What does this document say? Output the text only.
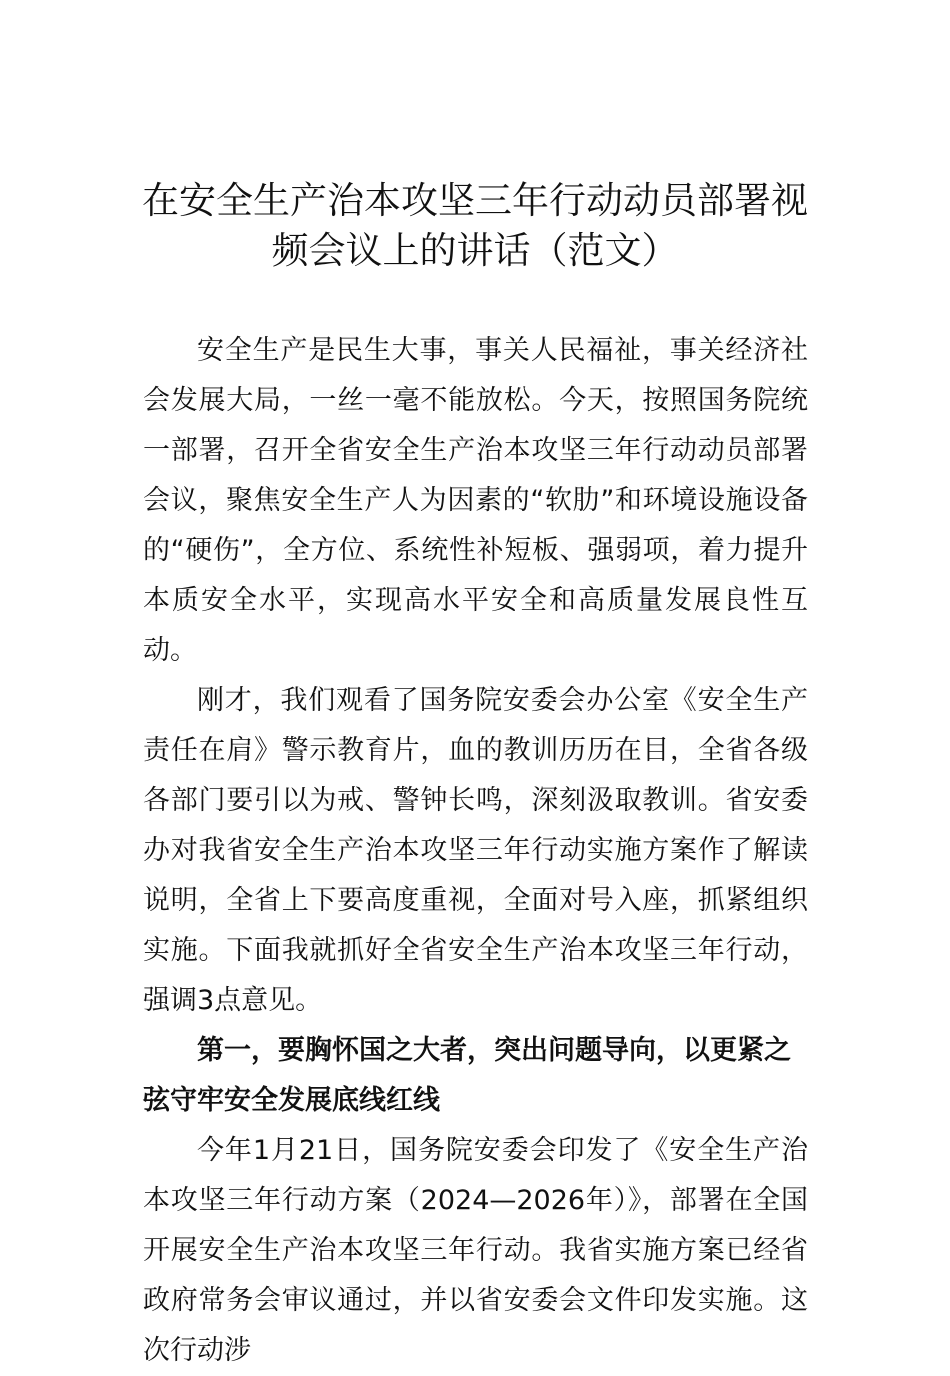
在安全生产治本攻坚三年行动动员部署视
频会议上的讲话（范文）

安全生产是民生大事，事关人民福祉，事关经济社会发展大局，一丝一毫不能放松。今天，按照国务院统一部署，召开全省安全生产治本攻坚三年行动动员部署会议，聚焦安全生产人为因素的“软肋”和环境设施设备的“硬伤”，全方位、系统性补短板、强弱项，着力提升本质安全水平，实现高水平安全和高质量发展良性互动。

刚才，我们观看了国务院安委会办公室《安全生产责任在肩》警示教育片，血的教训历历在目，全省各级各部门要引以为戒、警钟长鸣，深刻汲取教训。省安委办对我省安全生产治本攻坚三年行动实施方案作了解读说明，全省上下要高度重视，全面对号入座，抓紧组织实施。下面我就抓好全省安全生产治本攻坚三年行动，强调3点意见。

第一，要胸怀国之大者，突出问题导向，以更紧之弦守牢安全发展底线红线

今年1月21日，国务院安委会印发了《安全生产治本攻坚三年行动方案（2024—2026年）》，部署在全国开展安全生产治本攻坚三年行动。我省实施方案已经省政府常务会审议通过，并以省安委会文件印发实施。这次行动涉
